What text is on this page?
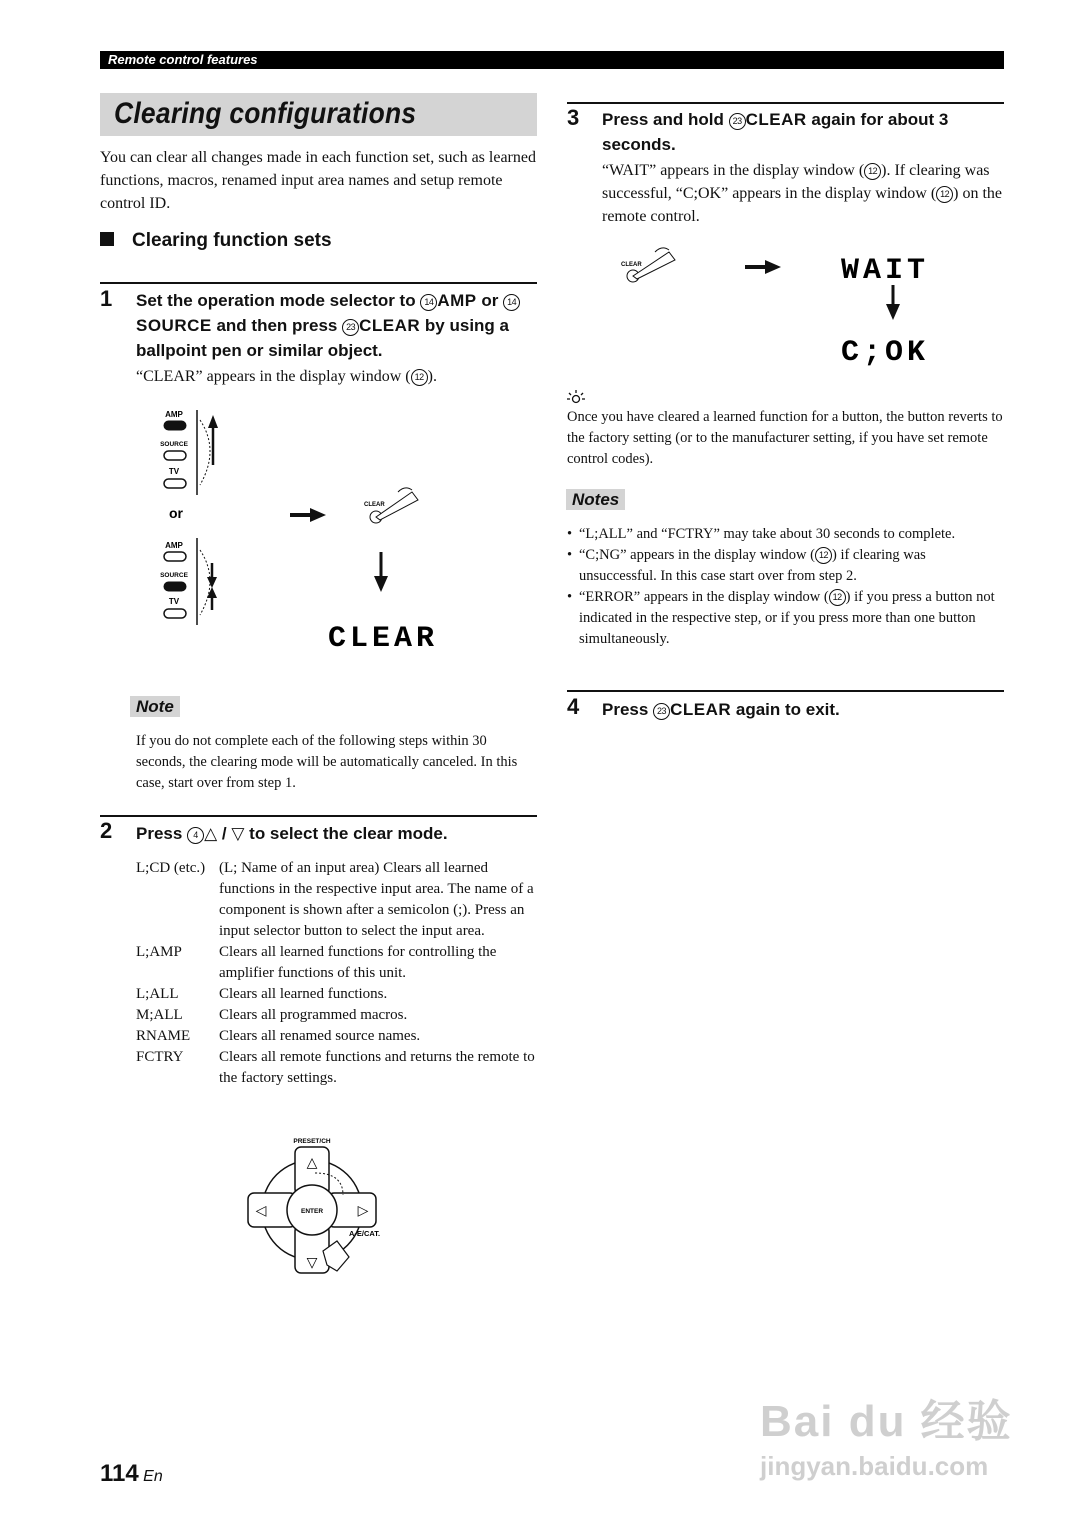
Remote control features
Clearing configurations
You can clear all changes made in each function set, such as learned functions, macros, renamed input area names and setup remote control ID.
Clearing function sets
1 Set the operation mode selector to 14 AMP or 14SOURCE and then press 23 CLEAR by using a ballpoint pen or similar object.
“CLEAR” appears in the display window ( 12 ).
AMP
SOURCE
TV
or
AMP
SOURCE
TV
CLEAR
CLEAR
Note
If you do not complete each of the following steps within 30 seconds, the clearing mode will be automatically canceled. In this case, start over from step 1.
2 Press 4 △ / ▽ to select the clear mode.
L;CD (etc.)	(L; Name of an input area) Clears all learned functions in the respective input area. The name of a component is shown after a semicolon (;). Press an input selector button to select the input area.
L;AMP	Clears all learned functions for controlling the amplifier functions of this unit.
L;ALL	Clears all learned functions.
M;ALL	Clears all programmed macros.
RNAME	Clears all renamed source names.
FCTRY	Clears all remote functions and returns the remote to the factory settings.
PRESET/CH
△
▽
◁	▷
ENTER
A-E/CAT.
3 Press and hold 23 CLEAR again for about 3 seconds.
“WAIT” appears in the display window ( 12 ). If clearing was successful, “C;OK” appears in the display window ( 12 ) on the remote control.
CLEAR	WAIT
C;OK
Once you have cleared a learned function for a button, the button reverts to the factory setting (or to the manufacturer setting, if you have set remote control codes).
Notes
• “L;ALL” and “FCTRY” may take about 30 seconds to complete.
• “C;NG” appears in the display window ( 12 ) if clearing was unsuccessful. In this case start over from step 2.
• “ERROR” appears in the display window ( 12 ) if you press a button not indicated in the respective step, or if you press more than one button simultaneously.
4 Press 23 CLEAR again to exit.
114 En
Bai du 经验
jingyan.baidu.com
